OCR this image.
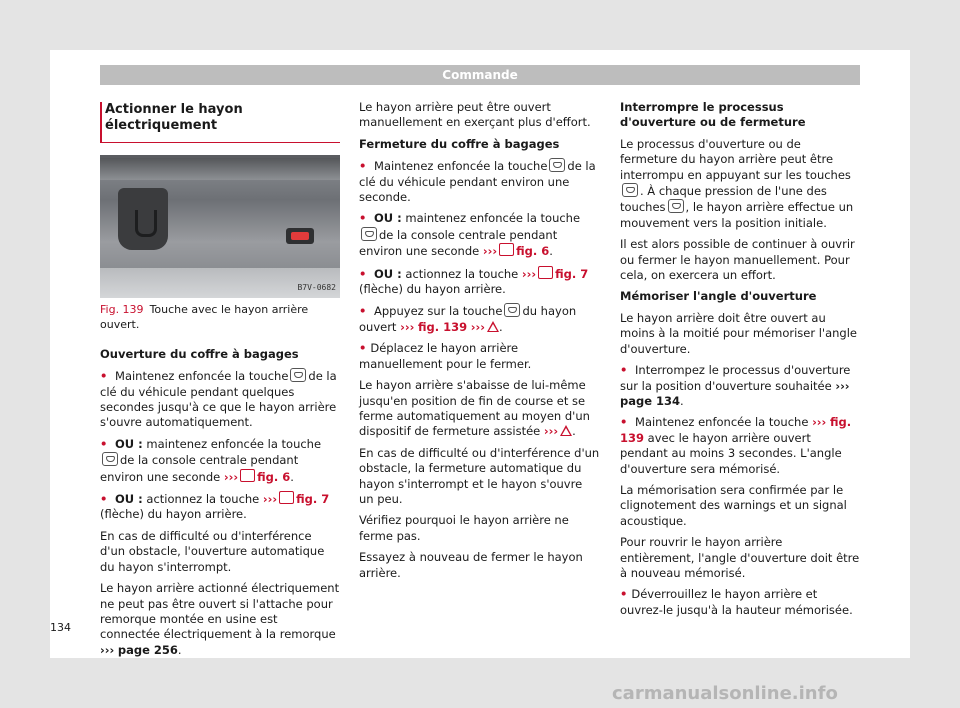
Commande
Actionner le hayon électriquement
B7V-0682
Fig. 139 Touche avec le hayon arrière ouvert.

Ouverture du coffre à bagages

• Maintenez enfoncée la touche de la clé du véhicule pendant quelques secondes jusqu'à ce que le hayon arrière s'ouvre automatiquement.

• OU : maintenez enfoncée la touchede la console centrale pendant environ une seconde ››› fig. 6.

• OU : actionnez la touche ››› fig. 7 (flèche) du hayon arrière.

En cas de difficulté ou d'interférence d'un obstacle, l'ouverture automatique du hayon s'interrompt.

Le hayon arrière actionné électriquement ne peut pas être ouvert si l'attache pour remorque montée en usine est connectée électriquement à la remorque ››› page 256.

Le hayon arrière peut être ouvert manuellement en exerçant plus d'effort.

Fermeture du coffre à bagages

• Maintenez enfoncée la touche de la clé du véhicule pendant environ une seconde.

• OU : maintenez enfoncée la touchede la console centrale pendant environ une seconde ››› fig. 6.

• OU : actionnez la touche ››› fig. 7 (flèche) du hayon arrière.

• Appuyez sur la touche du hayon ouvert ››› fig. 139 ››› .

• Déplacez le hayon arrière manuellement pour le fermer.

Le hayon arrière s'abaisse de lui-même jusqu'en position de fin de course et se ferme automatiquement au moyen d'un dispositif de fermeture assistée ››› .

En cas de difficulté ou d'interférence d'un obstacle, la fermeture automatique du hayon s'interrompt et le hayon s'ouvre un peu.

Vérifiez pourquoi le hayon arrière ne ferme pas.

Essayez à nouveau de fermer le hayon arrière.

Interrompre le processus d'ouverture ou de fermeture

Le processus d'ouverture ou de fermeture du hayon arrière peut être interrompu en appuyant sur les touches. À chaque pression de l'une des touches , le hayon arrière effectue un mouvement vers la position initiale.

Il est alors possible de continuer à ouvrir ou fermer le hayon manuellement. Pour cela, on exercera un effort.

Mémoriser l'angle d'ouverture

Le hayon arrière doit être ouvert au moins à la moitié pour mémoriser l'angle d'ouverture.

• Interrompez le processus d'ouverture sur la position d'ouverture souhaitée ››› page 134.

• Maintenez enfoncée la touche ››› fig. 139 avec le hayon arrière ouvert pendant au moins 3 secondes. L'angle d'ouverture sera mémorisé.

La mémorisation sera confirmée par le clignotement des warnings et un signal acoustique.

Pour rouvrir le hayon arrière entièrement, l'angle d'ouverture doit être à nouveau mémorisé.

• Déverrouillez le hayon arrière et ouvrez-le jusqu'à la hauteur mémorisée.

134
carmanualsonline.info
